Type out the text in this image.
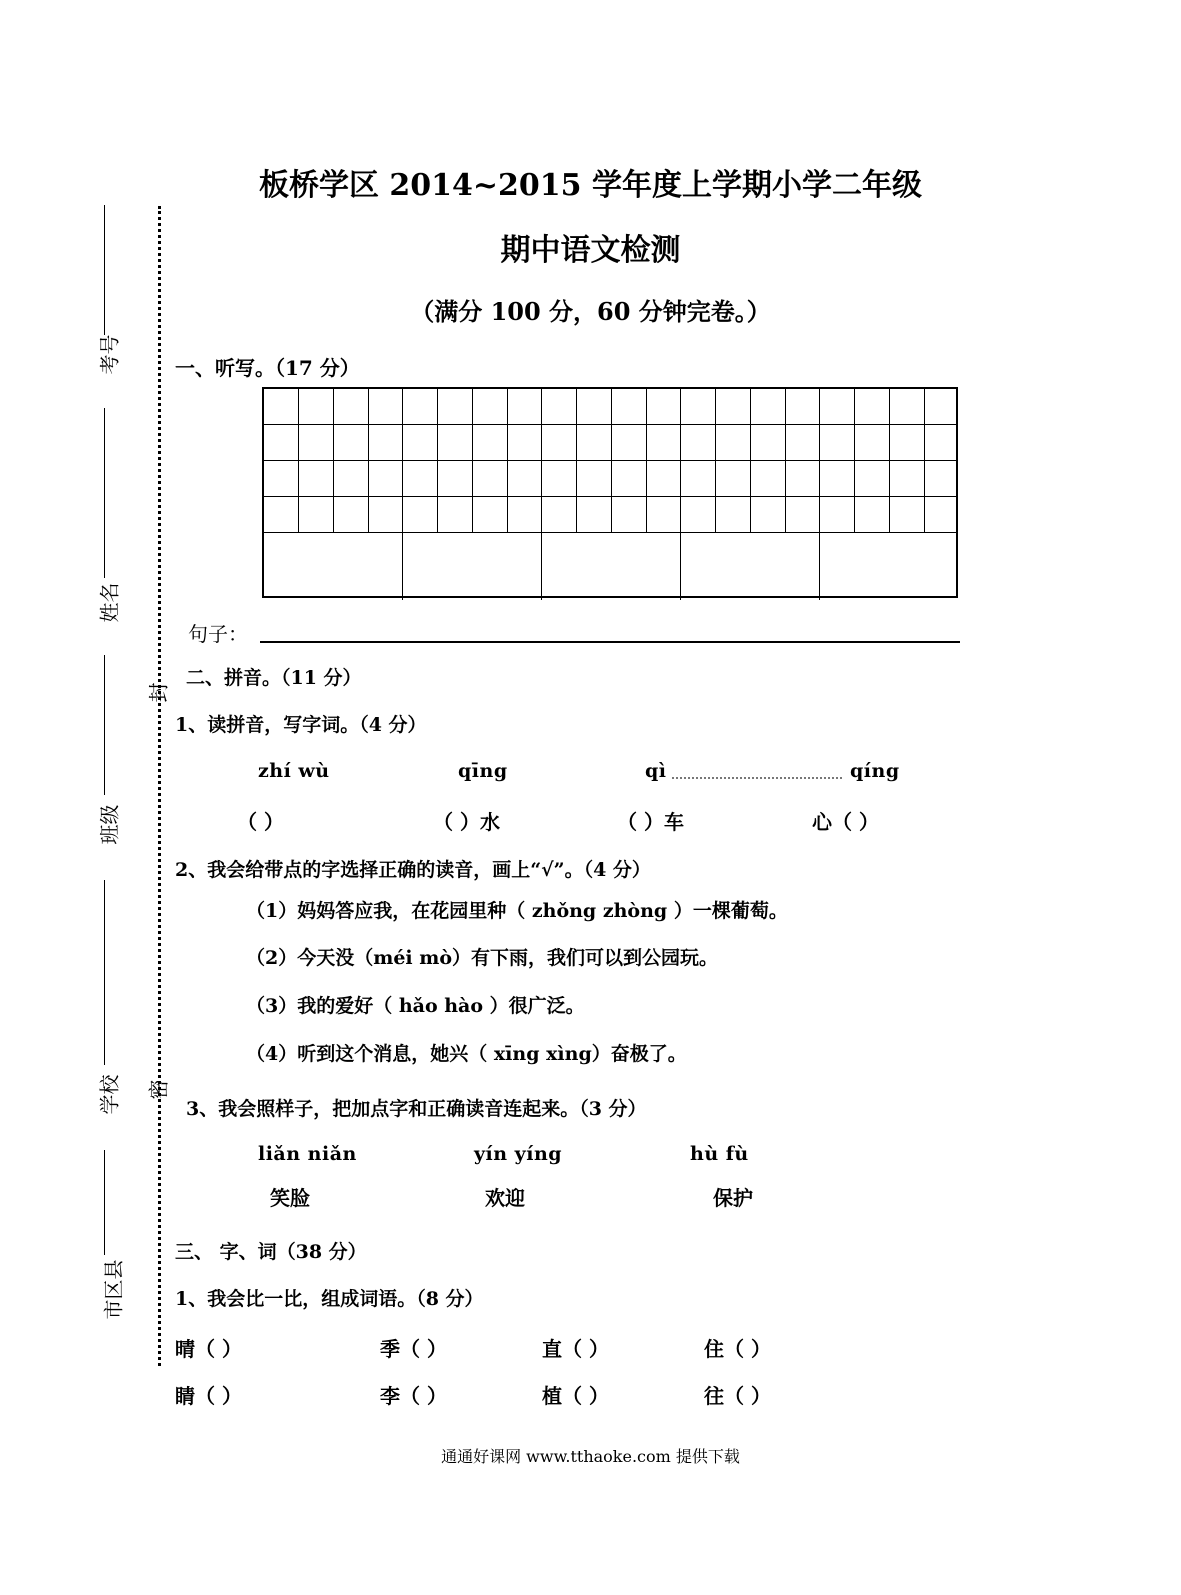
板桥学区 2014~2015 学年度上学期小学二年级
期中语文检测
（满分 100 分，60 分钟完卷。）
考号
姓名
班级
学校
市区县
封
密
一、听写。（17 分）
句子：
二、拼音。（11 分）
1、读拼音，写字词。（4 分）
zhí wù	qīng	qì	qíng
（ ）	（ ）水	（ ）车	心（ ）
2、我会给带点的字选择正确的读音，画上“√”。（4 分）
（1）妈妈答应我，在花园里种（ zhǒng zhòng ）一棵葡萄。
（2）今天没（méi mò）有下雨，我们可以到公园玩。
（3）我的爱好（ hǎo hào ）很广泛。
（4）听到这个消息，她兴（ xīng xìng）奋极了。
3、我会照样子，把加点字和正确读音连起来。（3 分）
liǎn niǎn	yín yíng	hù fù
笑脸	欢迎	保护
三、 字、词（38 分）
1、我会比一比，组成词语。（8 分）
晴（ ）	季（ ）	直（ ）	住（ ）
睛（ ）	李（ ）	植（ ）	往（ ）
通通好课网 www.tthaoke.com 提供下载
